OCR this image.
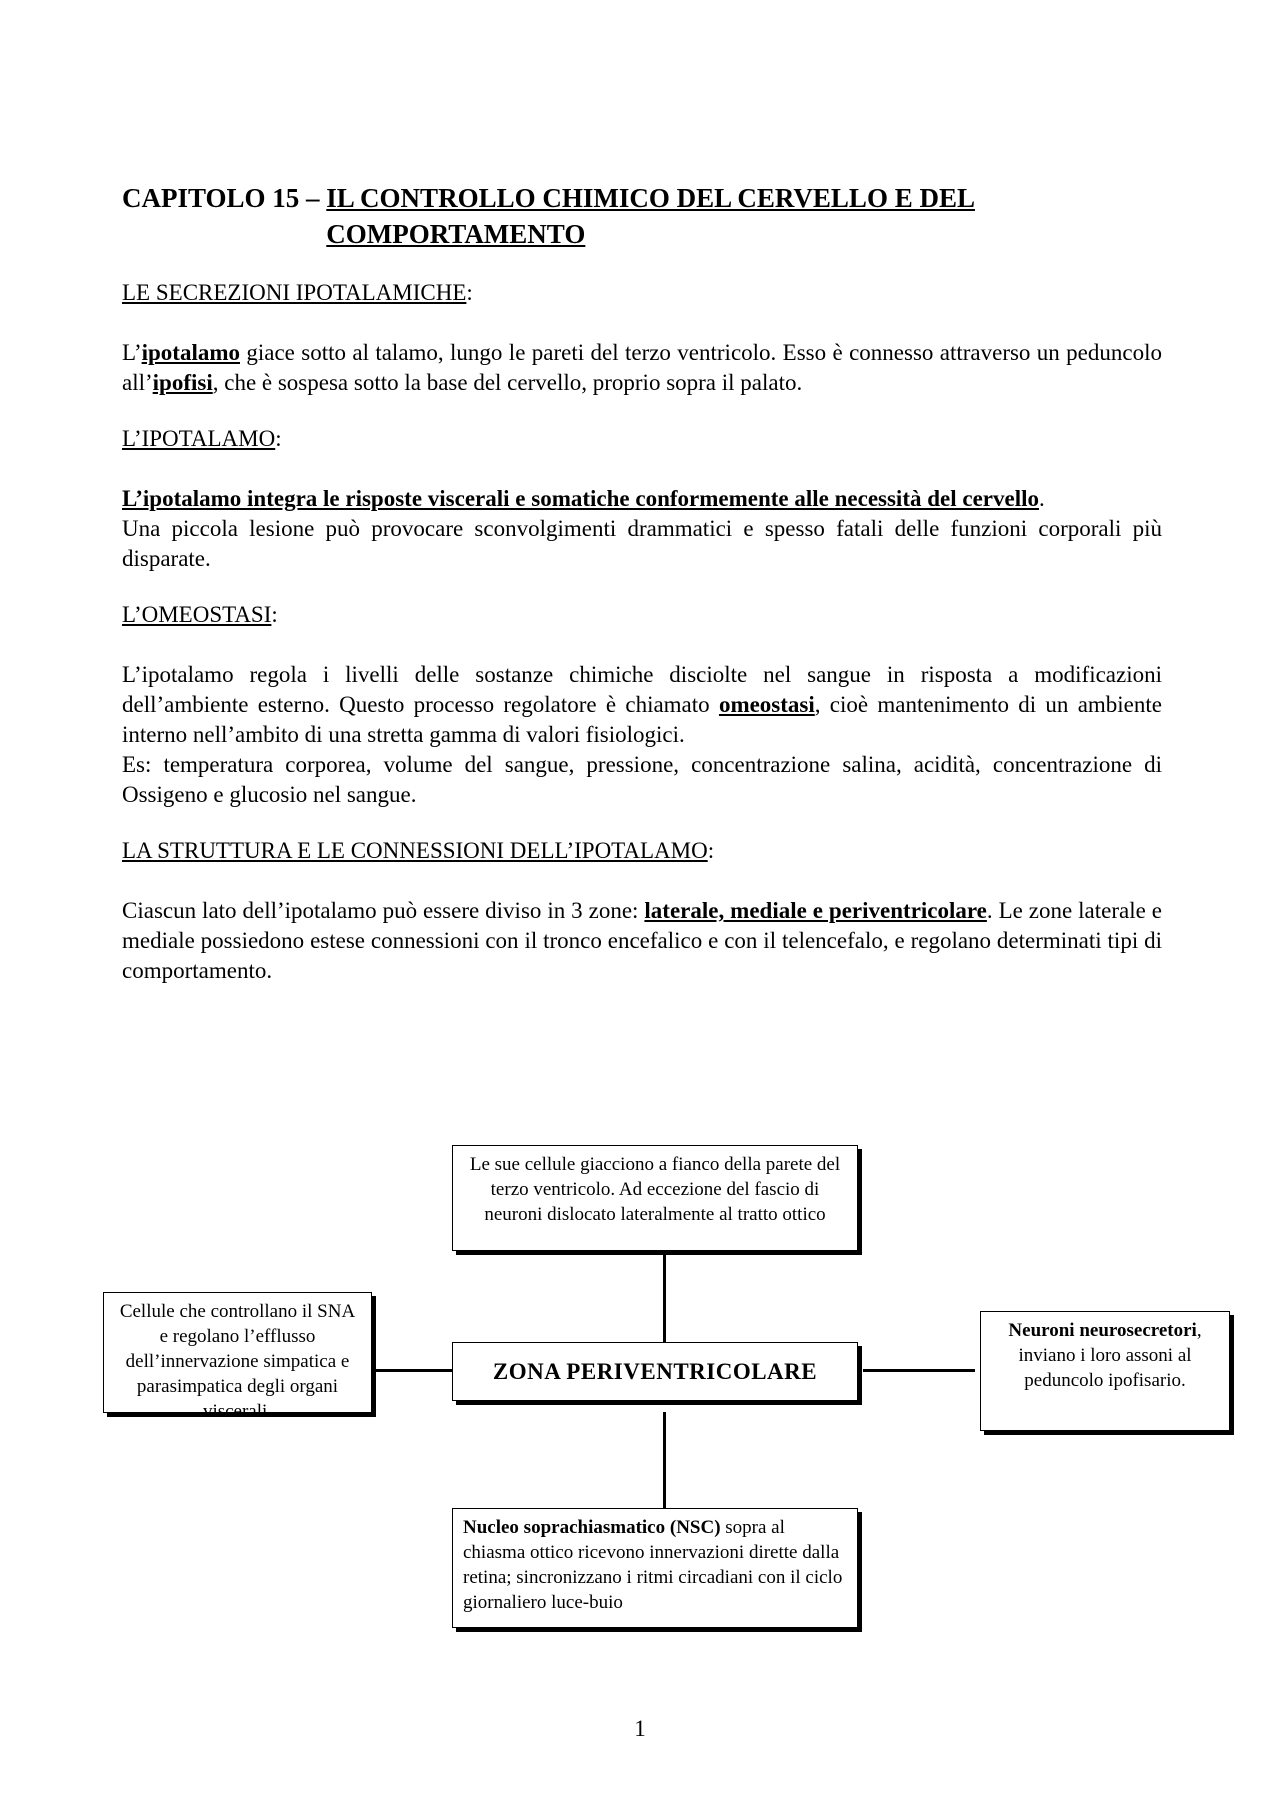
CAPITOLO 15 – IL CONTROLLO CHIMICO DEL CERVELLO E DEL
COMPORTAMENTO
LE SECREZIONI IPOTALAMICHE:

L’ipotalamo giace sotto al talamo, lungo le pareti del terzo ventricolo. Esso è connesso attraverso un peduncolo all’ipofisi, che è sospesa sotto la base del cervello, proprio sopra il palato.

L’IPOTALAMO:

L’ipotalamo integra le risposte viscerali e somatiche conformemente alle necessità del cervello.

Una piccola lesione può provocare sconvolgimenti drammatici e spesso fatali delle funzioni corporali più disparate.

L’OMEOSTASI:

L’ipotalamo regola i livelli delle sostanze chimiche disciolte nel sangue in risposta a modificazioni dell’ambiente esterno. Questo processo regolatore è chiamato omeostasi, cioè mantenimento di un ambiente interno nell’ambito di una stretta gamma di valori fisiologici.

Es: temperatura corporea, volume del sangue, pressione, concentrazione salina, acidità, concentrazione di Ossigeno e glucosio nel sangue.

LA STRUTTURA E LE CONNESSIONI DELL’IPOTALAMO:

Ciascun lato dell’ipotalamo può essere diviso in 3 zone: laterale, mediale e periventricolare. Le zone laterale e mediale possiedono estese connessioni con il tronco encefalico e con il telencefalo, e regolano determinati tipi di comportamento.

Le sue cellule giacciono a fianco della parete del terzo ventricolo. Ad eccezione del fascio di neuroni dislocato lateralmente al tratto ottico
Cellule che controllano il SNA e regolano l’efflusso dell’innervazione simpatica e parasimpatica degli organi viscerali.
ZONA PERIVENTRICOLARE
Neuroni neurosecretori, inviano i loro assoni al peduncolo ipofisario.
Nucleo soprachiasmatico (NSC) sopra al chiasma ottico ricevono innervazioni dirette dalla retina; sincronizzano i ritmi circadiani con il ciclo giornaliero luce-buio
1
